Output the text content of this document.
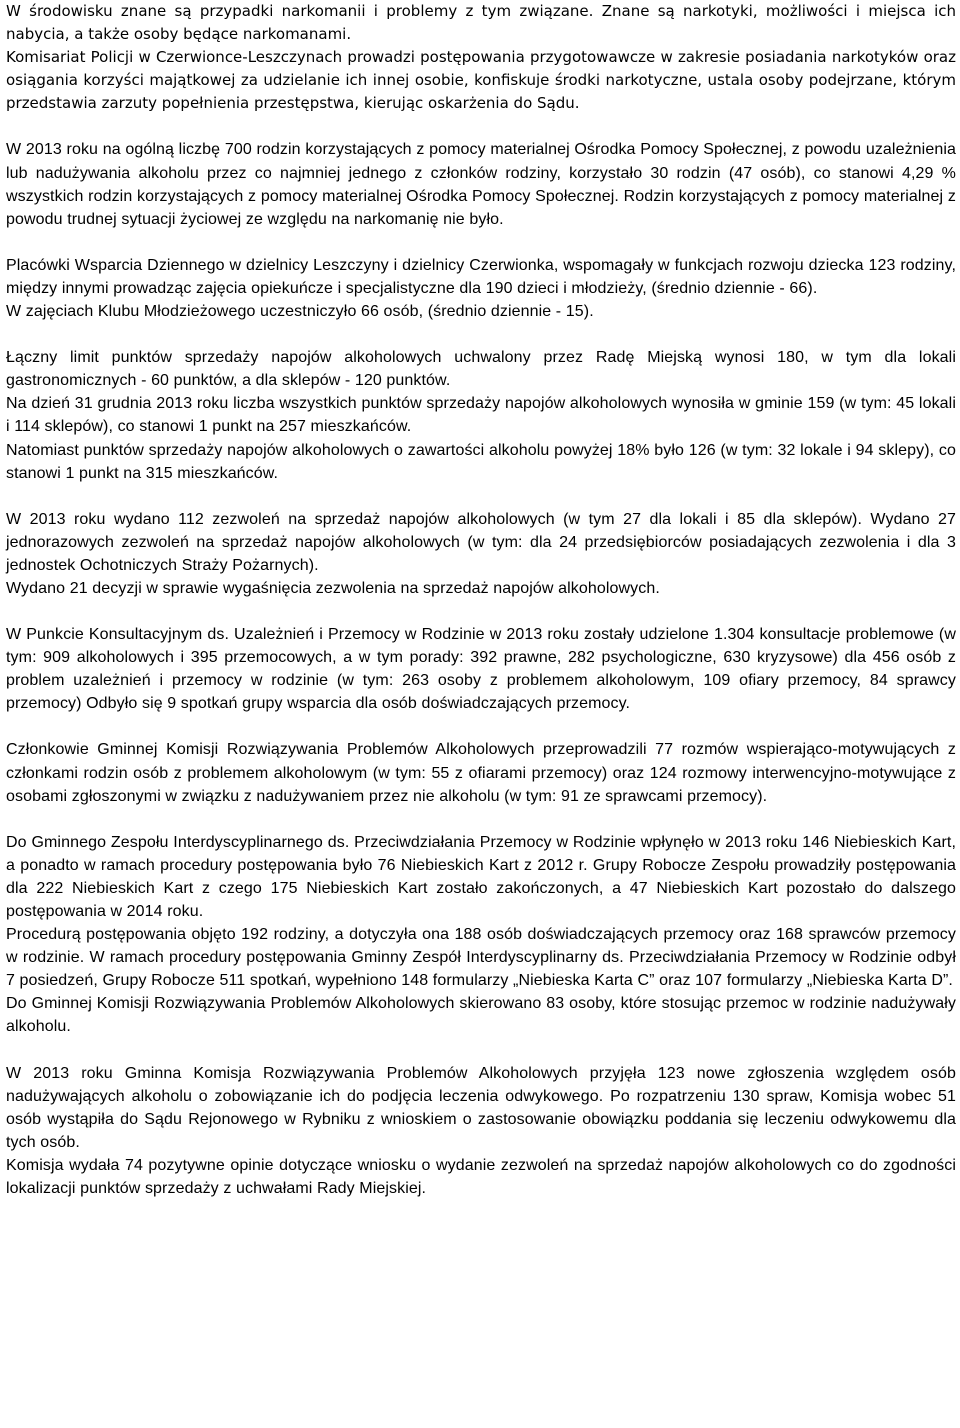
W środowisku znane są przypadki narkomanii i problemy z tym związane. Znane są narkotyki, możliwości i miejsca ich nabycia, a także osoby będące narkomanami.

Komisariat Policji w Czerwionce-Leszczynach prowadzi postępowania przygotowawcze w zakresie posiadania narkotyków oraz osiągania korzyści majątkowej za udzielanie ich innej osobie, konfiskuje środki narkotyczne, ustala osoby podejrzane, którym przedstawia zarzuty popełnienia przestępstwa, kierując oskarżenia do Sądu.

W 2013 roku na ogólną liczbę 700 rodzin korzystających z pomocy materialnej Ośrodka Pomocy Społecznej, z powodu uzależnienia lub nadużywania alkoholu przez co najmniej jednego z członków rodziny, korzystało 30 rodzin (47 osób), co stanowi 4,29 % wszystkich rodzin korzystających z pomocy materialnej Ośrodka Pomocy Społecznej. Rodzin korzystających z pomocy materialnej z powodu trudnej sytuacji życiowej ze względu na narkomanię nie było.

Placówki Wsparcia Dziennego w dzielnicy Leszczyny i dzielnicy Czerwionka, wspomagały w funkcjach rozwoju dziecka 123 rodziny, między innymi prowadząc zajęcia opiekuńcze i specjalistyczne dla 190 dzieci i młodzieży, (średnio dziennie - 66).

W zajęciach Klubu Młodzieżowego uczestniczyło 66 osób, (średnio dziennie - 15).

Łączny limit punktów sprzedaży napojów alkoholowych uchwalony przez Radę Miejską wynosi 180, w tym dla lokali gastronomicznych - 60 punktów, a dla sklepów - 120 punktów.

Na dzień 31 grudnia 2013 roku liczba wszystkich punktów sprzedaży napojów alkoholowych wynosiła w gminie 159 (w tym: 45 lokali i 114 sklepów), co stanowi 1 punkt na 257 mieszkańców.

Natomiast punktów sprzedaży napojów alkoholowych o zawartości alkoholu powyżej 18% było 126 (w tym: 32 lokale i 94 sklepy), co stanowi 1 punkt na 315 mieszkańców.

W 2013 roku wydano 112 zezwoleń na sprzedaż napojów alkoholowych (w tym 27 dla lokali i 85 dla sklepów). Wydano 27 jednorazowych zezwoleń na sprzedaż napojów alkoholowych (w tym: dla 24 przedsiębiorców posiadających zezwolenia i dla 3 jednostek Ochotniczych Straży Pożarnych).

Wydano 21 decyzji w sprawie wygaśnięcia zezwolenia na sprzedaż napojów alkoholowych.

W Punkcie Konsultacyjnym ds. Uzależnień i Przemocy w Rodzinie w 2013 roku zostały udzielone 1.304 konsultacje problemowe (w tym: 909 alkoholowych i 395 przemocowych, a w tym porady: 392 prawne, 282 psychologiczne, 630 kryzysowe) dla 456 osób z problem uzależnień i przemocy w rodzinie (w tym: 263 osoby z problemem alkoholowym, 109 ofiary przemocy, 84 sprawcy przemocy) Odbyło się 9 spotkań grupy wsparcia dla osób doświadczających przemocy.

Członkowie Gminnej Komisji Rozwiązywania Problemów Alkoholowych przeprowadzili 77 rozmów wspierająco-motywujących z członkami rodzin osób z problemem alkoholowym (w tym: 55 z ofiarami przemocy) oraz 124 rozmowy interwencyjno-motywujące z osobami zgłoszonymi w związku z nadużywaniem przez nie alkoholu (w tym: 91 ze sprawcami przemocy).

Do Gminnego Zespołu Interdyscyplinarnego ds. Przeciwdziałania Przemocy w Rodzinie wpłynęło w 2013 roku 146 Niebieskich Kart, a ponadto w ramach procedury postępowania było 76 Niebieskich Kart z 2012 r. Grupy Robocze Zespołu prowadziły postępowania dla 222 Niebieskich Kart z czego 175 Niebieskich Kart zostało zakończonych, a 47 Niebieskich Kart pozostało do dalszego postępowania w 2014 roku.

Procedurą postępowania objęto 192 rodziny, a dotyczyła ona 188 osób doświadczających przemocy oraz 168 sprawców przemocy w rodzinie. W ramach procedury postępowania Gminny Zespół Interdyscyplinarny ds. Przeciwdziałania Przemocy w Rodzinie odbył 7 posiedzeń, Grupy Robocze 511 spotkań, wypełniono 148 formularzy „Niebieska Karta C” oraz 107 formularzy „Niebieska Karta D”.

Do Gminnej Komisji Rozwiązywania Problemów Alkoholowych skierowano 83 osoby, które stosując przemoc w rodzinie nadużywały alkoholu.

W 2013 roku Gminna Komisja Rozwiązywania Problemów Alkoholowych przyjęła 123 nowe zgłoszenia względem osób nadużywających alkoholu o zobowiązanie ich do podjęcia leczenia odwykowego. Po rozpatrzeniu 130 spraw, Komisja wobec 51 osób wystąpiła do Sądu Rejonowego w Rybniku z wnioskiem o zastosowanie obowiązku poddania się leczeniu odwykowemu dla tych osób.

Komisja wydała 74 pozytywne opinie dotyczące wniosku o wydanie zezwoleń na sprzedaż napojów alkoholowych co do zgodności lokalizacji punktów sprzedaży z uchwałami Rady Miejskiej.
